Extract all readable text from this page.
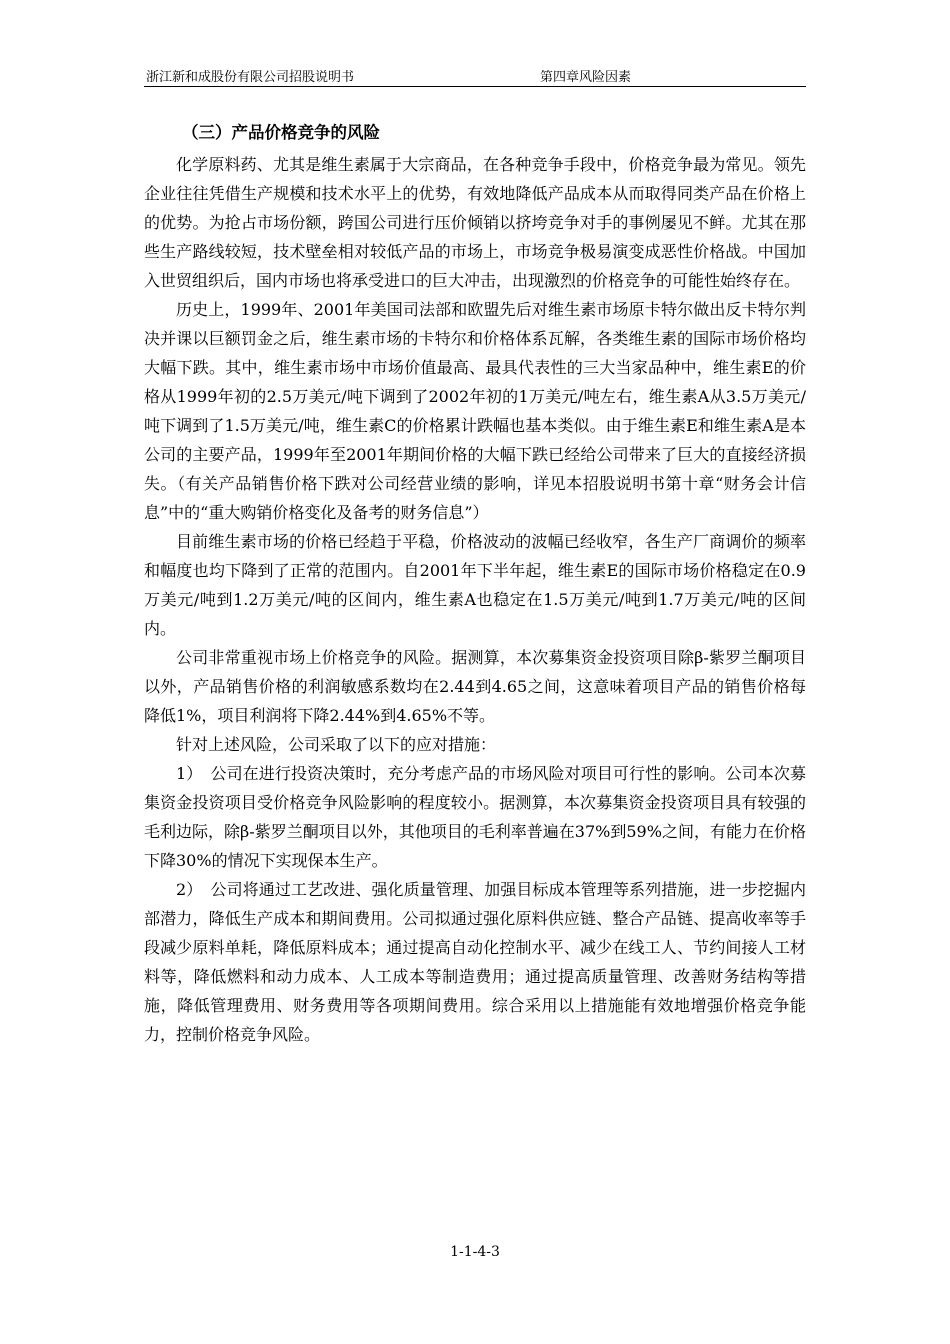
浙江新和成股份有限公司招股说明书	第四章风险因素

（三）产品价格竞争的风险

化学原料药、尤其是维生素属于大宗商品，在各种竞争手段中，价格竞争最为常见。领先企业往往凭借生产规模和技术水平上的优势，有效地降低产品成本从而取得同类产品在价格上的优势。为抢占市场份额，跨国公司进行压价倾销以挤垮竞争对手的事例屡见不鲜。尤其在那些生产路线较短，技术壁垒相对较低产品的市场上，市场竞争极易演变成恶性价格战。中国加入世贸组织后，国内市场也将承受进口的巨大冲击，出现激烈的价格竞争的可能性始终存在。

历史上，1999年、2001年美国司法部和欧盟先后对维生素市场原卡特尔做出反卡特尔判决并课以巨额罚金之后，维生素市场的卡特尔和价格体系瓦解，各类维生素的国际市场价格均大幅下跌。其中，维生素市场中市场价值最高、最具代表性的三大当家品种中，维生素E的价格从1999年初的2.5万美元/吨下调到了2002年初的1万美元/吨左右，维生素A从3.5万美元/吨下调到了1.5万美元/吨，维生素C的价格累计跌幅也基本类似。由于维生素E和维生素A是本公司的主要产品，1999年至2001年期间价格的大幅下跌已经给公司带来了巨大的直接经济损失。（有关产品销售价格下跌对公司经营业绩的影响，详见本招股说明书第十章“财务会计信息”中的“重大购销价格变化及备考的财务信息”）

目前维生素市场的价格已经趋于平稳，价格波动的波幅已经收窄，各生产厂商调价的频率和幅度也均下降到了正常的范围内。自2001年下半年起，维生素E的国际市场价格稳定在0.9万美元/吨到1.2万美元/吨的区间内，维生素A也稳定在1.5万美元/吨到1.7万美元/吨的区间内。

公司非常重视市场上价格竞争的风险。据测算，本次募集资金投资项目除β-紫罗兰酮项目以外，产品销售价格的利润敏感系数均在2.44到4.65之间，这意味着项目产品的销售价格每降低1%，项目利润将下降2.44%到4.65%不等。

针对上述风险，公司采取了以下的应对措施：

1）　公司在进行投资决策时，充分考虑产品的市场风险对项目可行性的影响。公司本次募集资金投资项目受价格竞争风险影响的程度较小。据测算，本次募集资金投资项目具有较强的毛利边际，除β-紫罗兰酮项目以外，其他项目的毛利率普遍在37%到59%之间，有能力在价格下降30%的情况下实现保本生产。

2）　公司将通过工艺改进、强化质量管理、加强目标成本管理等系列措施，进一步挖掘内部潜力，降低生产成本和期间费用。公司拟通过强化原料供应链、整合产品链、提高收率等手段减少原料单耗，降低原料成本；通过提高自动化控制水平、减少在线工人、节约间接人工材料等，降低燃料和动力成本、人工成本等制造费用；通过提高质量管理、改善财务结构等措施，降低管理费用、财务费用等各项期间费用。综合采用以上措施能有效地增强价格竞争能力，控制价格竞争风险。

1-1-4-3
